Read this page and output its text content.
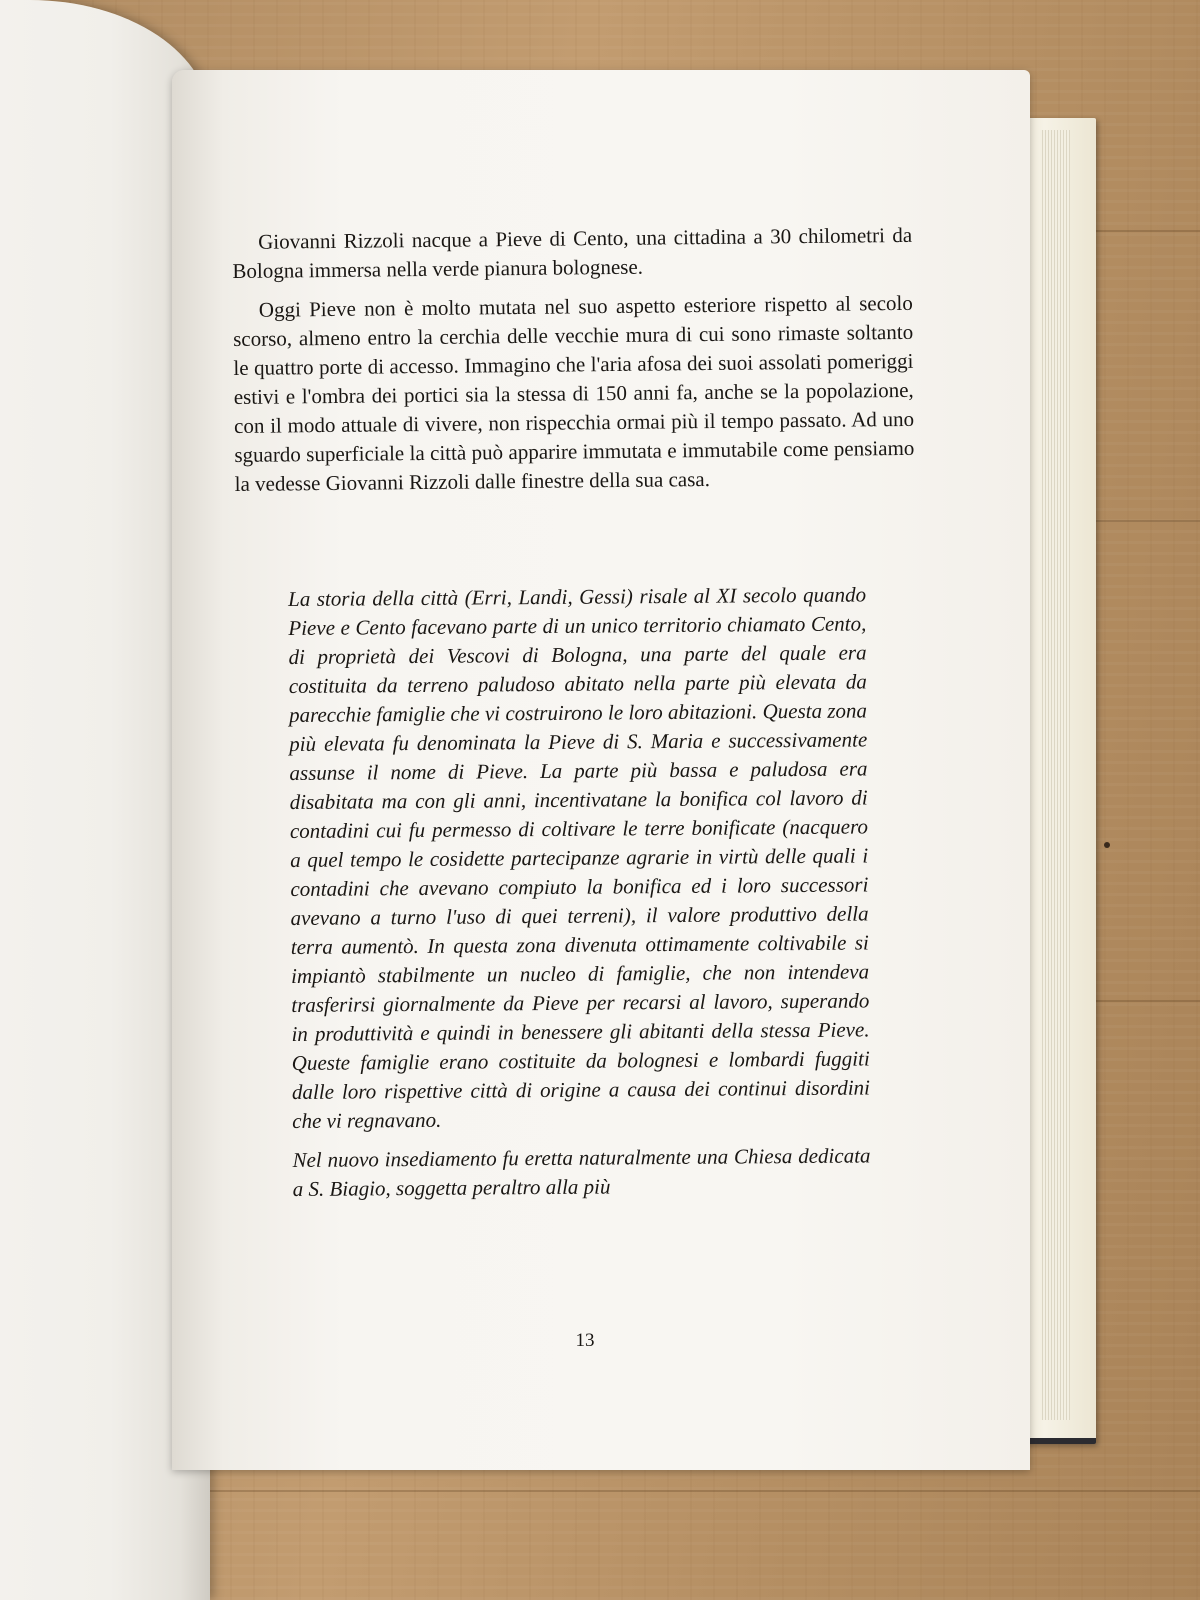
Giovanni Rizzoli nacque a Pieve di Cento, una cittadina a 30 chilometri da Bologna immersa nella verde pianura bolognese.

Oggi Pieve non è molto mutata nel suo aspetto esteriore rispetto al secolo scorso, almeno entro la cerchia delle vecchie mura di cui sono rimaste soltanto le quattro porte di accesso. Immagino che l'aria afosa dei suoi assolati pomeriggi estivi e l'ombra dei portici sia la stessa di 150 anni fa, anche se la popolazione, con il modo attuale di vivere, non rispecchia ormai più il tempo passato. Ad uno sguardo superficiale la città può apparire immutata e immutabile come pensiamo la vedesse Giovanni Rizzoli dalle finestre della sua casa.

La storia della città (Erri, Landi, Gessi) risale al XI secolo quando Pieve e Cento facevano parte di un unico territorio chiamato Cento, di proprietà dei Vescovi di Bologna, una parte del quale era costituita da terreno paludoso abitato nella parte più elevata da parecchie famiglie che vi costruirono le loro abitazioni. Questa zona più elevata fu denominata la Pieve di S. Maria e successivamente assunse il nome di Pieve. La parte più bassa e paludosa era disabitata ma con gli anni, incentivatane la bonifica col lavoro di contadini cui fu permesso di coltivare le terre bonificate (nacquero a quel tempo le cosidette partecipanze agrarie in virtù delle quali i contadini che avevano compiuto la bonifica ed i loro successori avevano a turno l'uso di quei terreni), il valore produttivo della terra aumentò. In questa zona divenuta ottimamente coltivabile si impiantò stabilmente un nucleo di famiglie, che non intendeva trasferirsi giornalmente da Pieve per recarsi al lavoro, superando in produttività e quindi in benessere gli abitanti della stessa Pieve. Queste famiglie erano costituite da bolognesi e lombardi fuggiti dalle loro rispettive città di origine a causa dei continui disordini che vi regnavano.

Nel nuovo insediamento fu eretta naturalmente una Chiesa dedicata a S. Biagio, soggetta peraltro alla più

13
